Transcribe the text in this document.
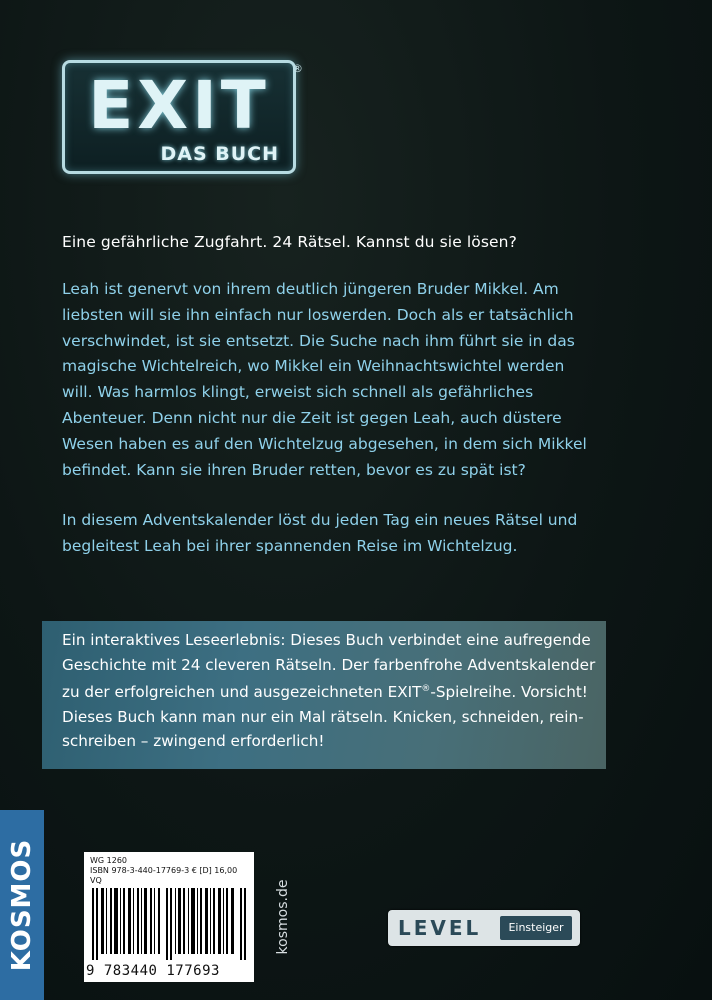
EXIT
DAS BUCH
®
Eine gefährliche Zugfahrt. 24 Rätsel. Kannst du sie lösen?

Leah ist genervt von ihrem deutlich jüngeren Bruder Mikkel. Am
liebsten will sie ihn einfach nur loswerden. Doch als er tatsächlich
verschwindet, ist sie entsetzt. Die Suche nach ihm führt sie in das
magische Wichtelreich, wo Mikkel ein Weihnachtswichtel werden
will. Was harmlos klingt, erweist sich schnell als gefährliches
Abenteuer. Denn nicht nur die Zeit ist gegen Leah, auch düstere
Wesen haben es auf den Wichtelzug abgesehen, in dem sich Mikkel
befindet. Kann sie ihren Bruder retten, bevor es zu spät ist?

In diesem Adventskalender löst du jeden Tag ein neues Rätsel und
begleitest Leah bei ihrer spannenden Reise im Wichtelzug.

Ein interaktives Leseerlebnis: Dieses Buch verbindet eine aufregende
Geschichte mit 24 cleveren Rätseln. Der farbenfrohe Adventskalender
zu der erfolgreichen und ausgezeichneten EXIT®-Spielreihe. Vorsicht!
Dieses Buch kann man nur ein Mal rätseln. Knicken, schneiden, rein-
schreiben – zwingend erforderlich!
KOSMOS	WG 1260
ISBN 978-3-440-17769-3 € [D] 16,00
VQ
9 783440 177693
kosmos.de	LEVEL	Einsteiger
